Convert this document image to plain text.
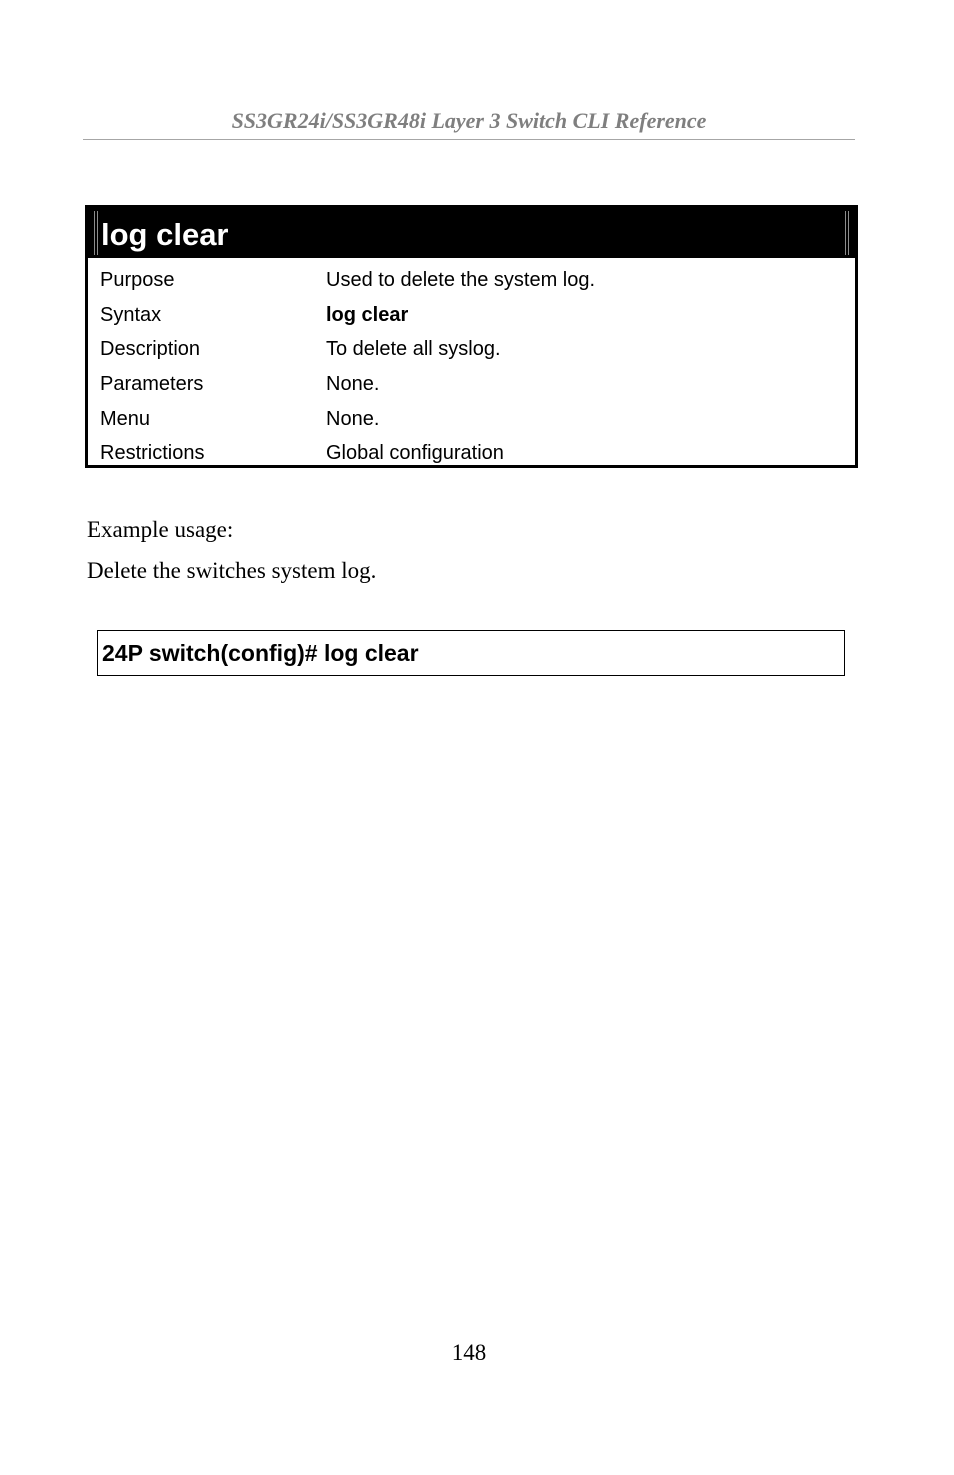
SS3GR24i/SS3GR48i Layer 3 Switch CLI Reference
log clear
Purpose	Used to delete the system log.
Syntax	log clear
Description	To delete all syslog.
Parameters	None.
Menu	None.
Restrictions	Global configuration
Example usage:
Delete the switches system log.
24P switch(config)# log clear
148
